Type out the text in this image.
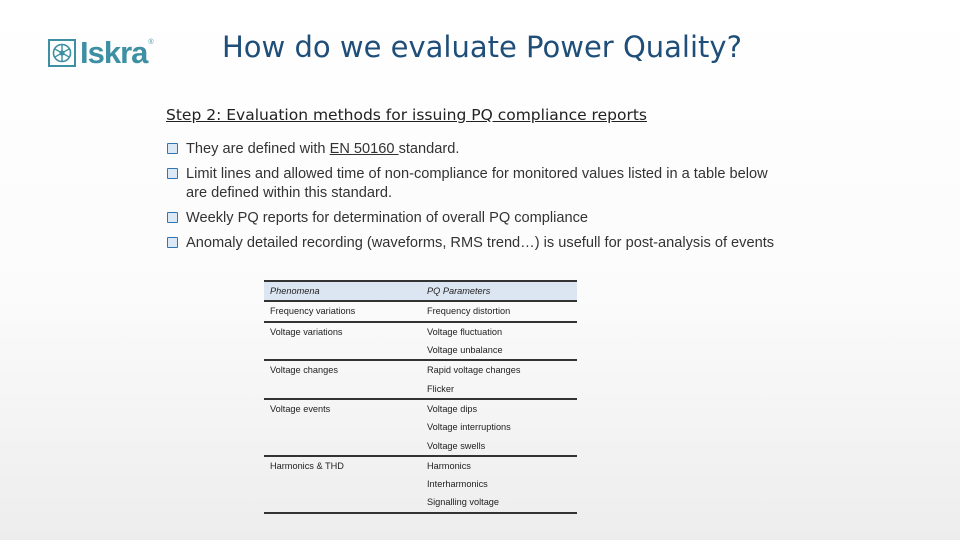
Iskra ® How do we evaluate Power Quality?
Step 2: Evaluation methods for issuing PQ compliance reports
They are defined with EN 50160 standard.
Limit lines and allowed time of non-compliance for monitored values listed in a table below are defined within this standard.
Weekly PQ reports for determination of overall PQ compliance
Anomaly detailed recording (waveforms, RMS trend…) is usefull for post-analysis of events
Phenomena	PQ Parameters
Frequency variations	Frequency distortion
Voltage variations	Voltage fluctuation
	Voltage unbalance
Voltage changes	Rapid voltage changes
	Flicker
Voltage events	Voltage dips
	Voltage interruptions
	Voltage swells
Harmonics & THD	Harmonics
	Interharmonics
	Signalling voltage
